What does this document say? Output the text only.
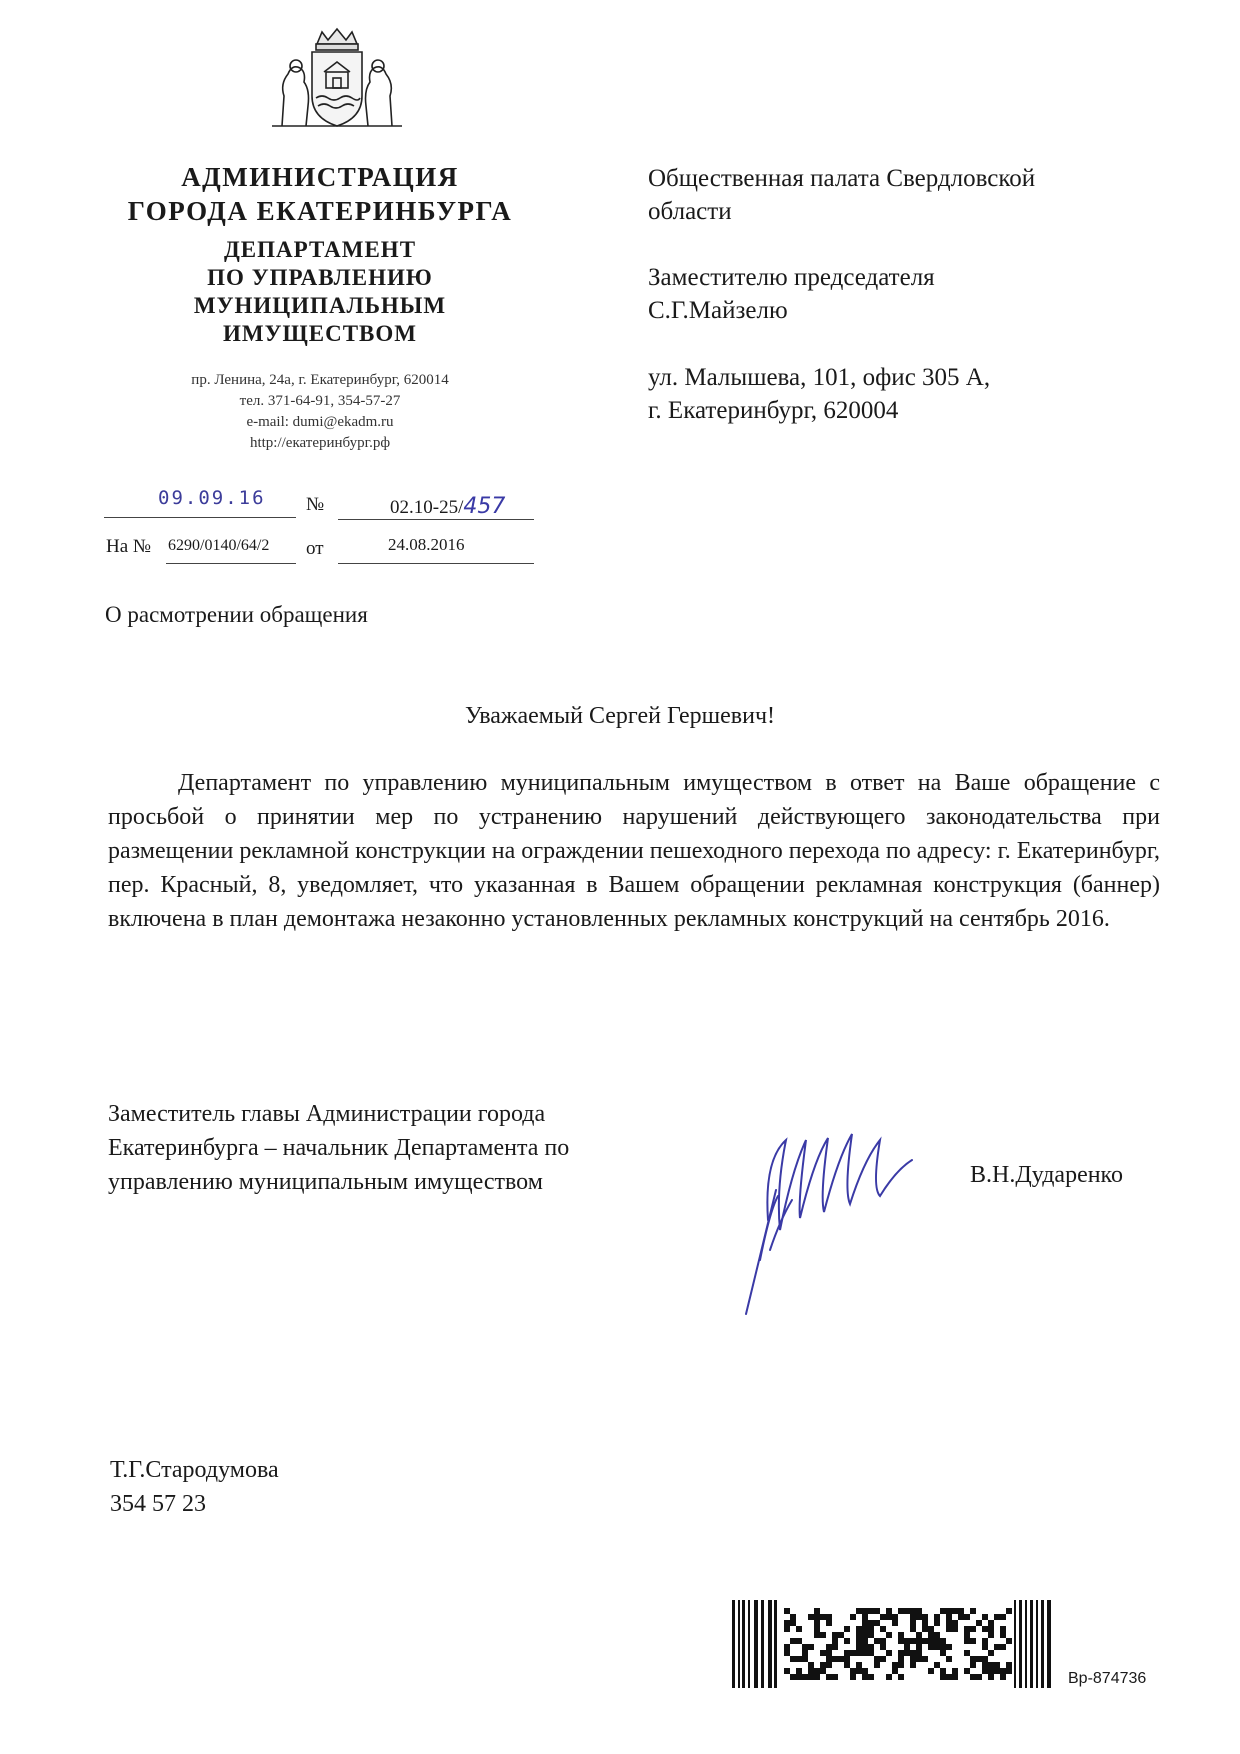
АДМИНИСТРАЦИЯ
ГОРОДА ЕКАТЕРИНБУРГА
ДЕПАРТАМЕНТ
ПО УПРАВЛЕНИЮ
МУНИЦИПАЛЬНЫМ
ИМУЩЕСТВОМ
пр. Ленина, 24а, г. Екатеринбург, 620014
тел. 371-64-91, 354-57-27
e-mail: dumi@ekadm.ru
http://екатеринбург.рф
09.09.16 №	02.10-25/457
На № 6290/0140/64/2	от	24.08.2016
Общественная палата Свердловской
области
Заместителю председателя
С.Г.Майзелю
ул. Малышева, 101, офис 305 А,
г. Екатеринбург, 620004
О расмотрении обращения
Уважаемый Сергей Гершевич!
Департамент по управлению муниципальным имуществом в ответ на Ваше обращение с просьбой о принятии мер по устранению нарушений действующего законодательства при размещении рекламной конструкции на ограждении пешеходного перехода по адресу: г. Екатеринбург, пер. Красный, 8, уведомляет, что указанная в Вашем обращении рекламная конструкция (баннер) включена в план демонтажа незаконно установленных рекламных конструкций на сентябрь 2016.
Заместитель главы Администрации города
Екатеринбурга – начальник Департамента по
управлению муниципальным имуществом	В.Н.Дударенко
Т.Г.Стародумова
354 57 23
Вр-874736
